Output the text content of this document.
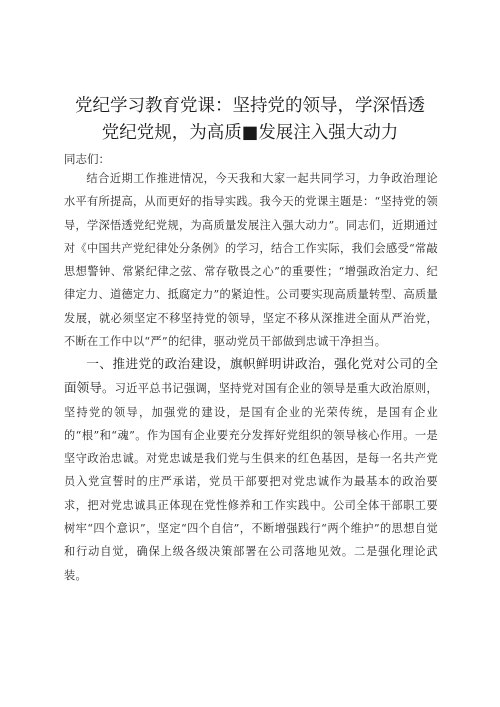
党纪学习教育党课：坚持党的领导，学深悟透
党纪党规，为高质■发展注入强大动力

同志们：

结合近期工作推进情况，今天我和大家一起共同学习，力争政治理论水平有所提高，从而更好的指导实践。我今天的党课主题是：“坚持党的领导，学深悟透党纪党规，为高质量发展注入强大动力”。同志们，近期通过对《中国共产党纪律处分条例》的学习，结合工作实际，我们会感受“常敲思想警钟、常紧纪律之弦、常存敬畏之心”的重要性；“增强政治定力、纪律定力、道德定力、抵腐定力”的紧迫性。公司要实现高质量转型、高质量发展，就必须坚定不移坚持党的领导，坚定不移从深推进全面从严治党，不断在工作中以“严”的纪律，驱动党员干部做到忠诚干净担当。

一、推进党的政治建设，旗帜鲜明讲政治，强化党对公司的全面领导。习近平总书记强调，坚持党对国有企业的领导是重大政治原则，坚持党的领导，加强党的建设，是国有企业的光荣传统，是国有企业的“根”和“魂”。作为国有企业要充分发挥好党组织的领导核心作用。一是坚守政治忠诚。对党忠诚是我们党与生俱来的红色基因，是每一名共产党员入党宣誓时的庄严承诺，党员干部要把对党忠诚作为最基本的政治要求，把对党忠诚具正体现在党性修养和工作实践中。公司全体干部职工要树牢“四个意识”，坚定“四个自信”，不断增强践行“两个维护”的思想自觉和行动自觉，确保上级各级决策部署在公司落地见效。二是强化理论武装。
